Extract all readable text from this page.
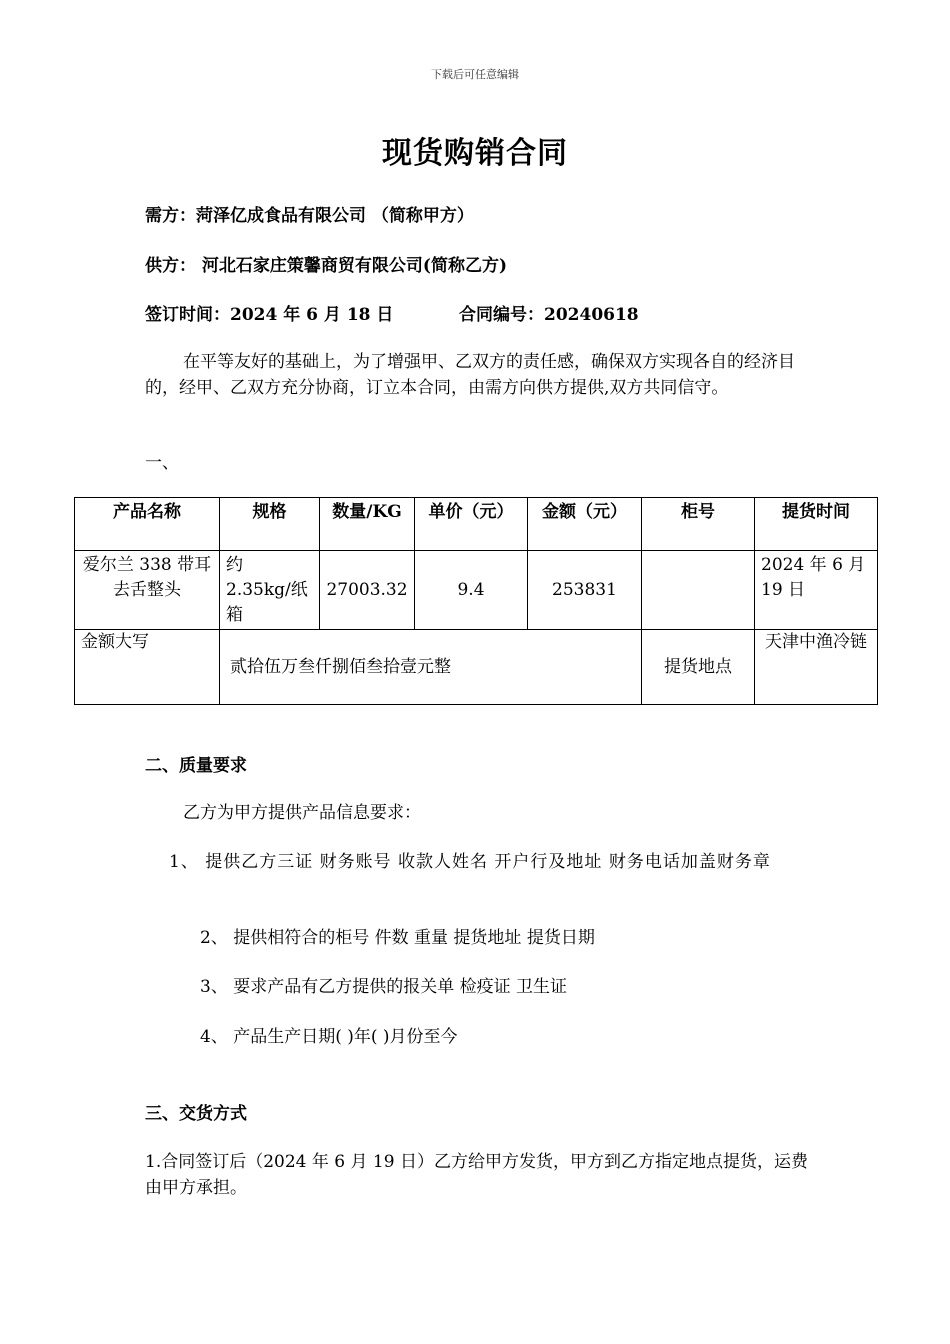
下载后可任意编辑
现货购销合同
需方：菏泽亿成食品有限公司 （简称甲方）
供方： 河北石家庄策馨商贸有限公司(简称乙方)
签订时间：2024 年 6 月 18 日	合同编号：20240618
在平等友好的基础上，为了增强甲、乙双方的责任感，确保双方实现各自的经济目的，经甲、乙双方充分协商，订立本合同，由需方向供方提供,双方共同信守。
一、
产品名称	规格	数量/KG	单价（元）	金额（元）	柜号	提货时间
爱尔兰 338 带耳去舌整头	约 2.35kg/纸箱	27003.32	9.4	253831		2024 年 6 月 19 日
金额大写	贰拾伍万叁仟捌佰叁拾壹元整				提货地点	天津中渔冷链
二、质量要求
乙方为甲方提供产品信息要求：
1、 提供乙方三证 财务账号 收款人姓名 开户行及地址 财务电话加盖财务章
2、 提供相符合的柜号 件数 重量 提货地址 提货日期
3、 要求产品有乙方提供的报关单 检疫证 卫生证
4、 产品生产日期( )年( )月份至今
三、交货方式
1.合同签订后（2024 年 6 月 19 日）乙方给甲方发货，甲方到乙方指定地点提货，运费由甲方承担。
